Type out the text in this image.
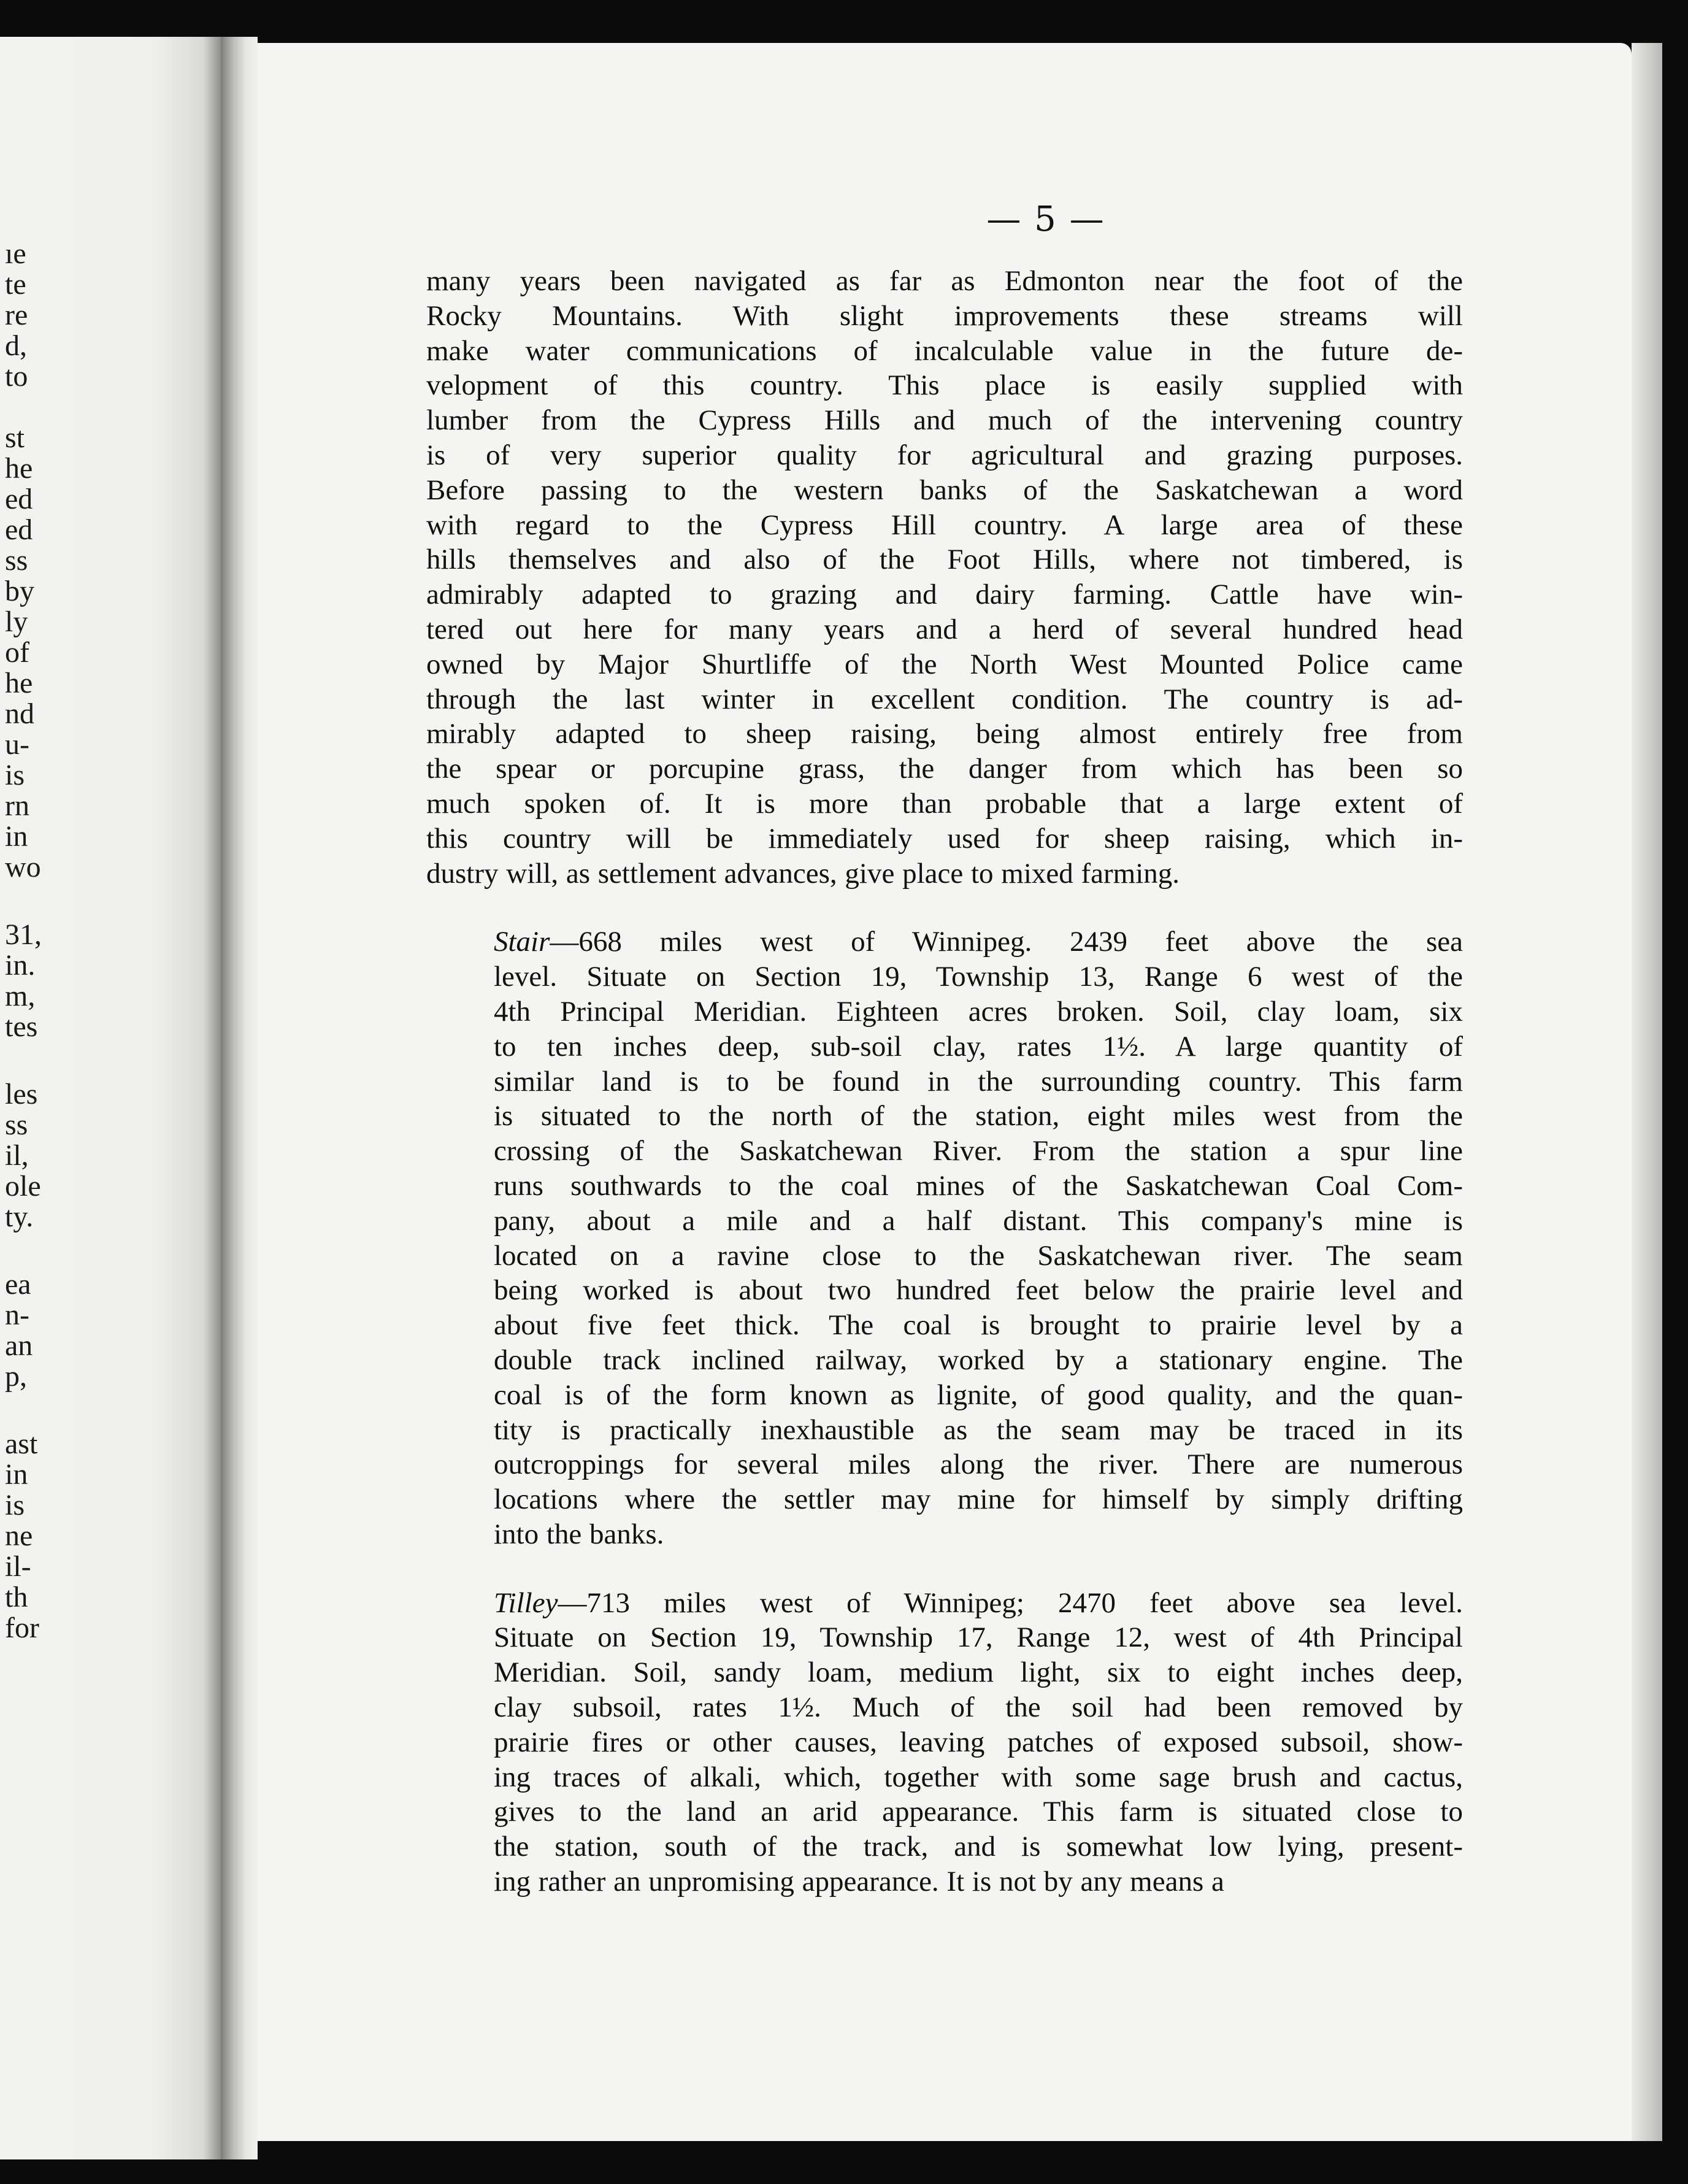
ıe
te
re
d,
to
st
he
ed
ed
ss
by
ly
of
he
nd
u-
is
rn
in
wo
31,
in.
m,
tes
les
ss
il,
ole
ty.
ea
n-
an
p,
ast
in
is
ne
il-
th
for
— 5 —

many years been navigated as far as Edmonton near the foot of the
Rocky Mountains. With slight improvements these streams will
make water communications of incalculable value in the future de-
velopment of this country. This place is easily supplied with
lumber from the Cypress Hills and much of the intervening country
is of very superior quality for agricultural and grazing purposes.
Before passing to the western banks of the Saskatchewan a word
with regard to the Cypress Hill country. A large area of these
hills themselves and also of the Foot Hills, where not timbered, is
admirably adapted to grazing and dairy farming. Cattle have win-
tered out here for many years and a herd of several hundred head
owned by Major Shurtliffe of the North West Mounted Police came
through the last winter in excellent condition. The country is ad-
mirably adapted to sheep raising, being almost entirely free from
the spear or porcupine grass, the danger from which has been so
much spoken of. It is more than probable that a large extent of
this country will be immediately used for sheep raising, which in-
dustry will, as settlement advances, give place to mixed farming.

Stair—668 miles west of Winnipeg. 2439 feet above the sea
level. Situate on Section 19, Township 13, Range 6 west of the
4th Principal Meridian. Eighteen acres broken. Soil, clay loam, six
to ten inches deep, sub-soil clay, rates 1½. A large quantity of
similar land is to be found in the surrounding country. This farm
is situated to the north of the station, eight miles west from the
crossing of the Saskatchewan River. From the station a spur line
runs southwards to the coal mines of the Saskatchewan Coal Com-
pany, about a mile and a half distant. This company's mine is
located on a ravine close to the Saskatchewan river. The seam
being worked is about two hundred feet below the prairie level and
about five feet thick. The coal is brought to prairie level by a
double track inclined railway, worked by a stationary engine. The
coal is of the form known as lignite, of good quality, and the quan-
tity is practically inexhaustible as the seam may be traced in its
outcroppings for several miles along the river. There are numerous
locations where the settler may mine for himself by simply drifting
into the banks.

Tilley—713 miles west of Winnipeg; 2470 feet above sea level.
Situate on Section 19, Township 17, Range 12, west of 4th Principal
Meridian. Soil, sandy loam, medium light, six to eight inches deep,
clay subsoil, rates 1½. Much of the soil had been removed by
prairie fires or other causes, leaving patches of exposed subsoil, show-
ing traces of alkali, which, together with some sage brush and cactus,
gives to the land an arid appearance. This farm is situated close to
the station, south of the track, and is somewhat low lying, present-
ing rather an unpromising appearance. It is not by any means a
